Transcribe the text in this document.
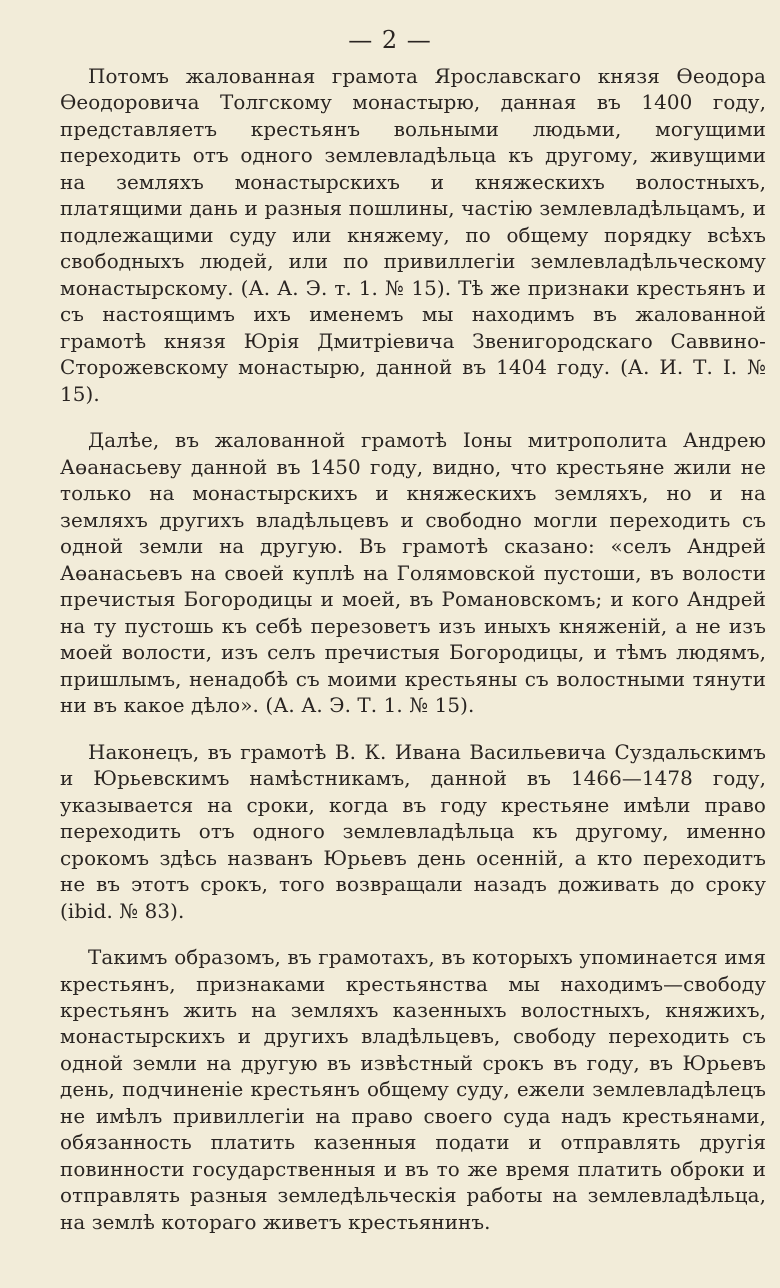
— 2 —

Потомъ жалованная грамота Ярославскаго князя Өеодора Өеодоровича Толгскому монастырю, данная въ 1400 году, представляетъ крестьянъ вольными людьми, могущими переходить отъ одного землевладѣльца къ другому, живущими на земляхъ монастырскихъ и княжескихъ волостныхъ, платящими дань и разныя пошлины, частію землевладѣльцамъ, и подлежащими суду или княжему, по общему порядку всѣхъ свободныхъ людей, или по привиллегіи землевладѣльческому монастырскому. (А. А. Э. т. 1. № 15). Тѣ же признаки крестьянъ и съ настоящимъ ихъ именемъ мы находимъ въ жалованной грамотѣ князя Юрія Дмитріевича Звенигородскаго Саввино-Сторожевскому монастырю, данной въ 1404 году. (А. И. Т. I. № 15).

Далѣе, въ жалованной грамотѣ Іоны митрополита Андрею Аөанасьеву данной въ 1450 году, видно, что крестьяне жили не только на монастырскихъ и княжескихъ земляхъ, но и на земляхъ другихъ владѣльцевъ и свободно могли переходить съ одной земли на другую. Въ грамотѣ сказано: «селъ Андрей Аөанасьевъ на своей куплѣ на Голямовской пустоши, въ волости пречистыя Богородицы и моей, въ Романовскомъ; и кого Андрей на ту пустошь къ себѣ перезоветъ изъ иныхъ княженій, а не изъ моей волости, изъ селъ пречистыя Богородицы, и тѣмъ людямъ, пришлымъ, ненадобѣ съ моими крестьяны съ волостными тянути ни въ какое дѣло». (А. А. Э. Т. 1. № 15).

Наконецъ, въ грамотѣ В. К. Ивана Васильевича Суздальскимъ и Юрьевскимъ намѣстникамъ, данной въ 1466—1478 году, указывается на сроки, когда въ году крестьяне имѣли право переходить отъ одного землевладѣльца къ другому, именно срокомъ здѣсь названъ Юрьевъ день осенній, а кто переходитъ не въ этотъ срокъ, того возвращали назадъ доживать до сроку (ibid. № 83).

Такимъ образомъ, въ грамотахъ, въ которыхъ упоминается имя крестьянъ, признаками крестьянства мы находимъ—свободу крестьянъ жить на земляхъ казенныхъ волостныхъ, княжихъ, монастырскихъ и другихъ владѣльцевъ, свободу переходить съ одной земли на другую въ извѣстный срокъ въ году, въ Юрьевъ день, подчиненіе крестьянъ общему суду, ежели землевладѣлецъ не имѣлъ привиллегіи на право своего суда надъ крестьянами, обязанность платить казенныя подати и отправлять другія повинности государственныя и въ то же время платить оброки и отправлять разныя земледѣльческія работы на землевладѣльца, на землѣ котораго живетъ крестьянинъ.
